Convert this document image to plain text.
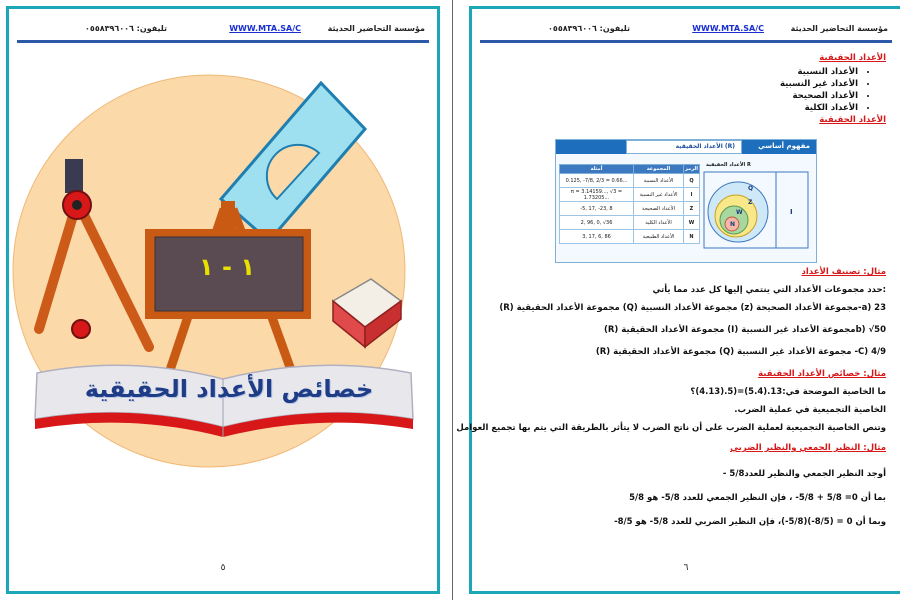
مؤسسة التحاضير الحديثة
WWW.MTA.SA/C
تليفون: ٠٥٥٨٣٩٦٠٠٦
١ - ١
خصائص الأعداد الحقيقية
٥
مؤسسة التحاضير الحديثة
WWW.MTA.SA/C
تليفون: ٠٥٥٨٣٩٦٠٠٦
الأعداد الحقيقية
• الأعداد النسبية
• الأعداد غير النسبية
• الأعداد الصحيحة
• الأعداد الكلية
الأعداد الحقيقية
مفهوم أساسي
الأعداد الحقيقية (R)
الأعداد الحقيقية R
Q
Z
W
N
I
الرمز	المجموعة	أمثلة
Q	الأعداد النسبية	0.125, -7/8, 2/3 = 0.66...
I	الأعداد غير النسبية	π = 3.14159..., √3 = 1.73205...
Z	الأعداد الصحيحة	-5, 17, -23, 8
W	الأعداد الكلية	2, 96, 0, √36
N	الأعداد الطبيعية	3, 17, 6, 86
مثال: تصنيف الأعداد
:حدد مجموعات الأعداد التي ينتمي إليها كل عدد مما يأتي
a) 23-مجموعة الأعداد الصحيحة (z) مجموعة الأعداد النسبية (Q) مجموعة الأعداد الحقيقية (R)
b) √50مجموعة الأعداد غير النسبية (I) مجموعة الأعداد الحقيقية (R)
C) 4/9- مجموعة الأعداد غير النسبية (Q) مجموعة الأعداد الحقيقية (R)
مثال: خصائص الأعداد الحقيقية
ما الخاصية الموضحة في:13.(5.4)=(5.(4.13)؟
الخاصية التجميعية في عملية الضرب.
وتنص الخاصية التجميعية لعملية الضرب على أن ناتج الضرب لا يتأثر بالطريقة التي يتم بها تجميع العوامل
مثال: النظير الجمعي والنظير الضربي
أوجد النظير الجمعي والنظير للعدد5/8 -
بما أن 0= 5/8 + 5/8- ، فإن النظير الجمعي للعدد 5/8- هو 5/8
وبما أن 0 = (8/5-)(5/8-)، فإن النظير الضربي للعدد 5/8- هو 8/5-
٦
